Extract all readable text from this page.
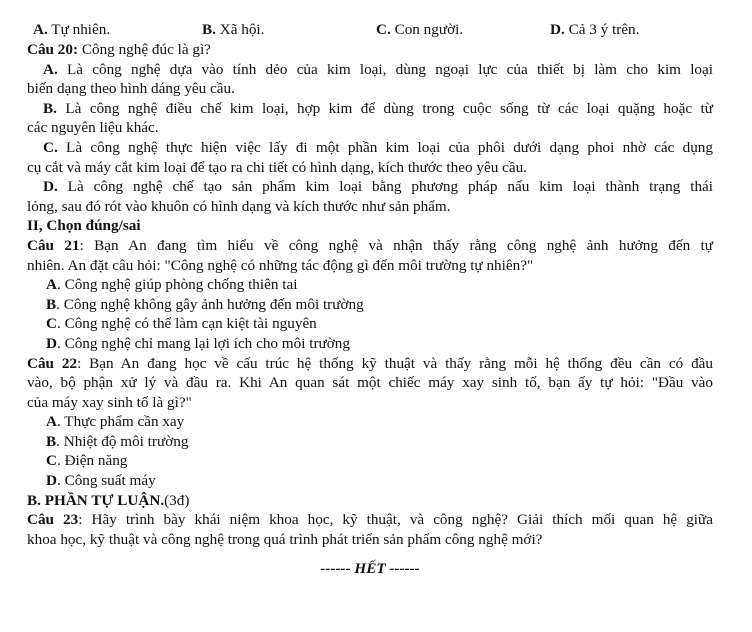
A. Tự nhiên.	B. Xã hội.	C. Con người.	D. Cả 3 ý trên.
Câu 20: Công nghệ đúc là gì?
A. Là công nghệ dựa vào tính dẻo của kim loại, dùng ngoại lực của thiết bị làm cho kim loại
biến dạng theo hình dáng yêu cầu.
B. Là công nghệ điều chế kim loại, hợp kim để dùng trong cuộc sống từ các loại quặng hoặc từ
các nguyên liệu khác.
C. Là công nghệ thực hiện việc lấy đi một phần kim loại của phôi dưới dạng phoi nhờ các dụng
cụ cắt và máy cắt kim loại để tạo ra chi tiết có hình dạng, kích thước theo yêu cầu.
D. Là công nghệ chế tạo sản phẩm kim loại bằng phương pháp nấu kim loại thành trạng thái
lỏng, sau đó rót vào khuôn có hình dạng và kích thước như sản phẩm.
II, Chọn đúng/sai
Câu 21: Bạn An đang tìm hiểu về công nghệ và nhận thấy rằng công nghệ ảnh hưởng đến tự
nhiên. An đặt câu hỏi: "Công nghệ có những tác động gì đến môi trường tự nhiên?"
A. Công nghệ giúp phòng chống thiên tai
B. Công nghệ không gây ảnh hưởng đến môi trường
C. Công nghệ có thể làm cạn kiệt tài nguyên
D. Công nghệ chỉ mang lại lợi ích cho môi trường
Câu 22: Bạn An đang học về cấu trúc hệ thống kỹ thuật và thấy rằng mỗi hệ thống đều cần có đầu
vào, bộ phận xử lý và đầu ra. Khi An quan sát một chiếc máy xay sinh tố, bạn ấy tự hỏi: "Đầu vào
của máy xay sinh tố là gì?"
A. Thực phẩm cần xay
B. Nhiệt độ môi trường
C. Điện năng
D. Công suất máy
B. PHẦN TỰ LUẬN.(3đ)
Câu 23: Hãy trình bày khái niệm khoa học, kỹ thuật, và công nghệ? Giải thích mối quan hệ giữa
khoa học, kỹ thuật và công nghệ trong quá trình phát triển sản phẩm công nghệ mới?
------ HẾT ------
